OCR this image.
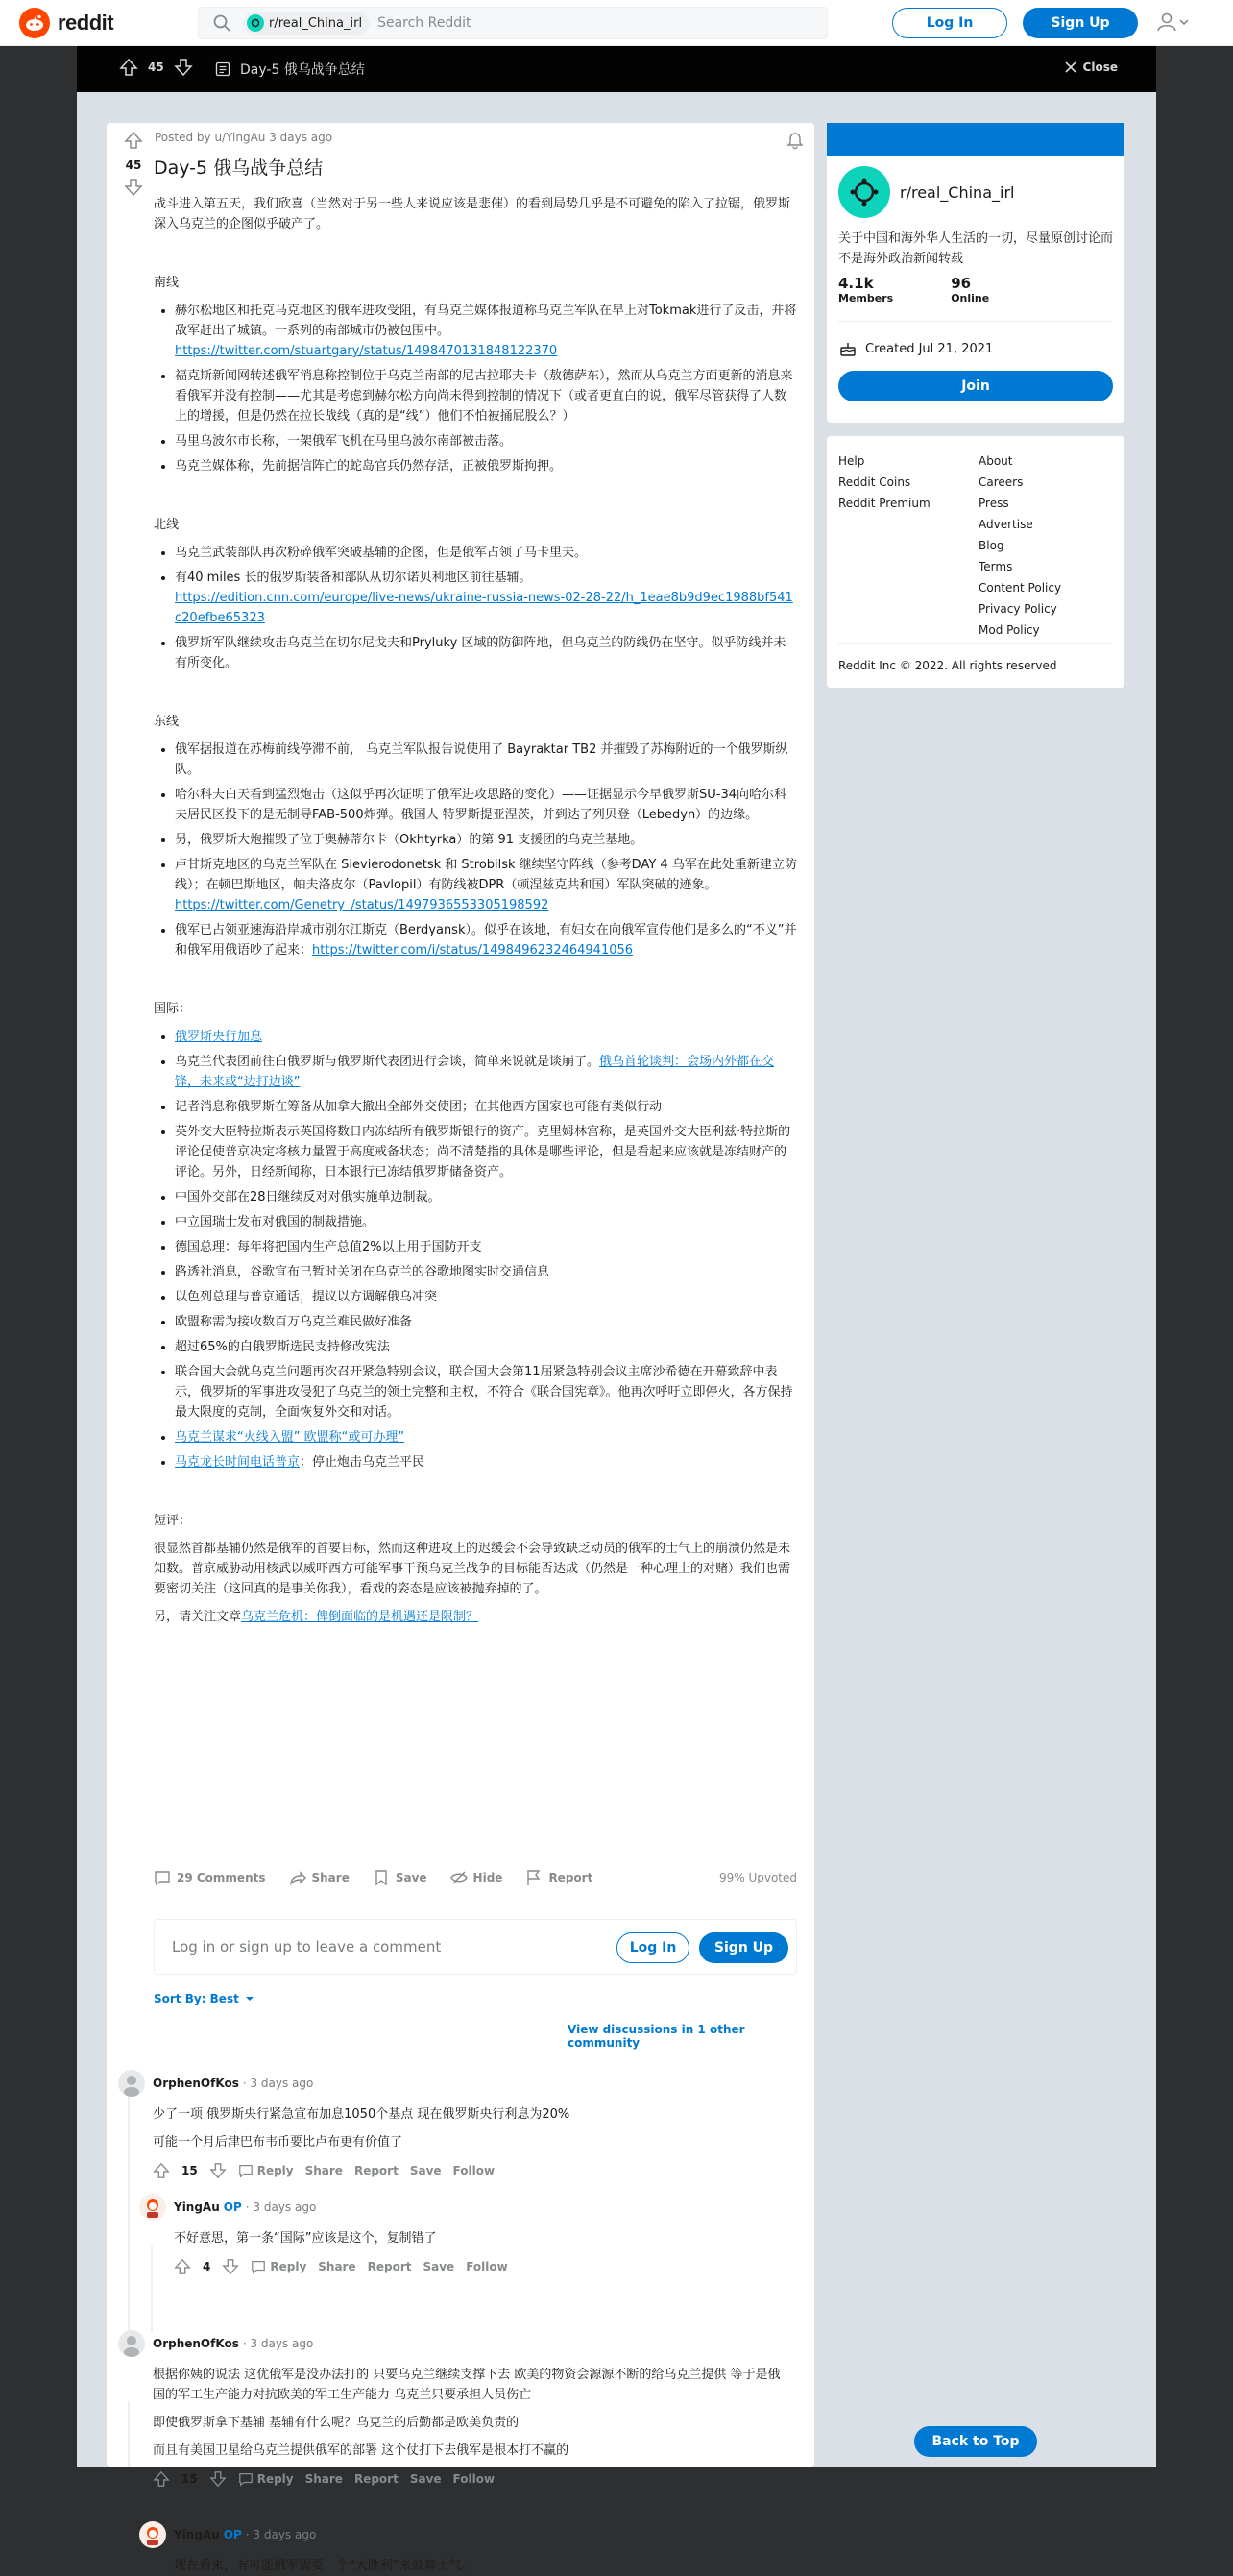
reddit	r/real_China_irl Search Reddit	Log In	Sign Up
45	Day-5 俄乌战争总结	Close
45
Posted by u/YingAu 3 days ago
Day-5 俄乌战争总结

战斗进入第五天，我们欣喜（当然对于另一些人来说应该是悲催）的看到局势几乎是不可避免的陷入了拉锯，俄罗斯深入乌克兰的企图似乎破产了。

南线
• 赫尔松地区和托克马克地区的俄军进攻受阻，有乌克兰媒体报道称乌克兰军队在早上对Tokmak进行了反击，并将敌军赶出了城镇。一系列的南部城市仍被包围中。
https://twitter.com/stuartgary/status/1498470131848122370
• 福克斯新闻网转述俄军消息称控制位于乌克兰南部的尼古拉耶夫卡（敖德萨东），然而从乌克兰方面更新的消息来看俄军并没有控制——尤其是考虑到赫尔松方向尚未得到控制的情况下（或者更直白的说，俄军尽管获得了人数上的增援，但是仍然在拉长战线（真的是“线”）他们不怕被捅屁股么？）
• 马里乌波尔市长称，一架俄军飞机在马里乌波尔南部被击落。
• 乌克兰媒体称，先前据信阵亡的蛇岛官兵仍然存活，正被俄罗斯拘押。
北线
• 乌克兰武装部队再次粉碎俄军突破基辅的企图，但是俄军占领了马卡里夫。
• 有40 miles 长的俄罗斯装备和部队从切尔诺贝利地区前往基辅。
https://edition.cnn.com/europe/live-news/ukraine-russia-news-02-28-22/h_1eae8b9d9ec1988bf541c20efbe65323
• 俄罗斯军队继续攻击乌克兰在切尔尼戈夫和Pryluky 区域的防御阵地，但乌克兰的防线仍在坚守。似乎防线并未有所变化。
东线
• 俄军据报道在苏梅前线停滞不前， 乌克兰军队报告说使用了 Bayraktar TB2 并摧毁了苏梅附近的一个俄罗斯纵队。
• 哈尔科夫白天看到猛烈炮击（这似乎再次证明了俄军进攻思路的变化）——证据显示今早俄罗斯SU-34向哈尔科夫居民区投下的是无制导FAB-500炸弹。俄国人 特罗斯提亚涅茨，并到达了列贝登（Lebedyn）的边缘。
• 另，俄罗斯大炮摧毁了位于奥赫蒂尔卡（Okhtyrka）的第 91 支援团的乌克兰基地。
• 卢甘斯克地区的乌克兰军队在 Sievierodonetsk 和 Strobilsk 继续坚守阵线（参考DAY 4 乌军在此处重新建立防线）；在顿巴斯地区，帕夫洛皮尔（Pavlopil）有防线被DPR（顿涅兹克共和国）军队突破的迹象。 https://twitter.com/Genetry_/status/1497936553305198592
• 俄军已占领亚速海沿岸城市别尔江斯克（Berdyansk）。似乎在该地，有妇女在向俄军宣传他们是多么的“不义”并和俄军用俄语吵了起来：https://twitter.com/i/status/1498496232464941056
国际：
• 俄罗斯央行加息
• 乌克兰代表团前往白俄罗斯与俄罗斯代表团进行会谈，简单来说就是谈崩了。俄乌首轮谈判：会场内外都在交锋，未来或“边打边谈”
• 记者消息称俄罗斯在筹备从加拿大撤出全部外交使团；在其他西方国家也可能有类似行动
• 英外交大臣特拉斯表示英国将数日内冻结所有俄罗斯银行的资产。克里姆林宫称，是英国外交大臣利兹·特拉斯的评论促使普京决定将核力量置于高度戒备状态；尚不清楚指的具体是哪些评论，但是看起来应该就是冻结财产的评论。另外，日经新闻称，日本银行已冻结俄罗斯储备资产。
• 中国外交部在28日继续反对对俄实施单边制裁。
• 中立国瑞士发布对俄国的制裁措施。
• 德国总理：每年将把国内生产总值2%以上用于国防开支
• 路透社消息，谷歌宣布已暂时关闭在乌克兰的谷歌地图实时交通信息
• 以色列总理与普京通话，提议以方调解俄乌冲突
• 欧盟称需为接收数百万乌克兰难民做好准备
• 超过65%的白俄罗斯选民支持修改宪法
• 联合国大会就乌克兰问题再次召开紧急特别会议，联合国大会第11届紧急特别会议主席沙希德在开幕致辞中表示，俄罗斯的军事进攻侵犯了乌克兰的领土完整和主权，不符合《联合国宪章》。他再次呼吁立即停火，各方保持最大限度的克制，全面恢复外交和对话。
• 乌克兰谋求“火线入盟” 欧盟称“或可办理”
• 马克龙长时间电话普京：停止炮击乌克兰平民
短评：

很显然首都基辅仍然是俄军的首要目标，然而这种进攻上的迟缓会不会导致缺乏动员的俄军的士气上的崩溃仍然是未知数。普京威胁动用核武以威吓西方可能军事干预乌克兰战争的目标能否达成（仍然是一种心理上的对赌）我们也需要密切关注（这回真的是事关你我），看戏的姿态是应该被抛弃掉的了。

另，请关注文章乌克兰危机：俾倒面临的是机遇还是限制？

29 Comments	Share	Save	Hide	Report	99% Upvoted
Log in or sign up to leave a comment	Log In	Sign Up
Sort By: Best
View discussions in 1 other community
OrphenOfKos · 3 days ago

少了一项 俄罗斯央行紧急宣布加息1050个基点 现在俄罗斯央行利息为20%

可能一个月后津巴布韦币要比卢布更有价值了

15	Reply Share Report Save Follow
YingAu OP · 3 days ago

不好意思，第一条“国际”应该是这个，复制错了

4	Reply Share Report Save Follow
OrphenOfKos · 3 days ago

根据你姨的说法 这优俄军是没办法打的 只要乌克兰继续支撑下去 欧美的物资会源源不断的给乌克兰提供 等于是俄国的军工生产能力对抗欧美的军工生产能力 乌克兰只要承担人员伤亡

即使俄罗斯拿下基辅 基辅有什么呢？乌克兰的后勤都是欧美负责的

而且有美国卫星给乌克兰提供俄军的部署 这个仗打下去俄军是根本打不赢的

15	Reply Share Report Save Follow
YingAu OP · 3 days ago

现在看来，有可能俄军需要一个“大胜利”来鼓舞士气。

r/real_China_irl
关于中国和海外华人生活的一切，尽量原创讨论而不是海外政治新闻转载
4.1k
Members
96
Online
Created Jul 21, 2021
Join
Help
Reddit Coins
Reddit Premium
About
Careers
Press
Advertise
Blog
Terms
Content Policy
Privacy Policy
Mod Policy
Reddit Inc © 2022. All rights reserved
Back to Top
